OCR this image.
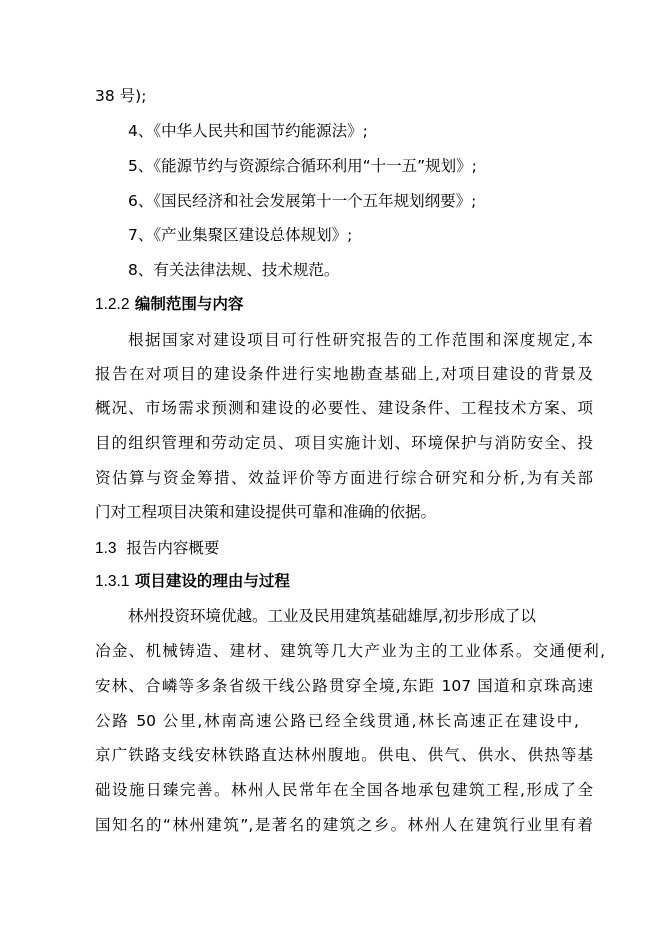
38 号);
4、《中华人民共和国节约能源法》;
5、《能源节约与资源综合循环利用“十一五”规划》;
6、《国民经济和社会发展第十一个五年规划纲要》;
7、《产业集聚区建设总体规划》;
8、有关法律法规、技术规范。
1.2.2 编制范围与内容
根据国家对建设项目可行性研究报告的工作范围和深度规定,本
报告在对项目的建设条件进行实地勘查基础上,对项目建设的背景及
概况、市场需求预测和建设的必要性、建设条件、工程技术方案、项
目的组织管理和劳动定员、项目实施计划、环境保护与消防安全、投
资估算与资金筹措、效益评价等方面进行综合研究和分析,为有关部
门对工程项目决策和建设提供可靠和准确的依据。
1.3 报告内容概要
1.3.1 项目建设的理由与过程
林州投资环境优越。工业及民用建筑基础雄厚,初步形成了以
冶金、机械铸造、建材、建筑等几大产业为主的工业体系。交通便利,
安林、合嶙等多条省级干线公路贯穿全境,东距 107 国道和京珠高速
公路 50 公里,林南高速公路已经全线贯通,林长高速正在建设中,
京广铁路支线安林铁路直达林州腹地。供电、供气、供水、供热等基
础设施日臻完善。林州人民常年在全国各地承包建筑工程,形成了全
国知名的“林州建筑”,是著名的建筑之乡。林州人在建筑行业里有着
